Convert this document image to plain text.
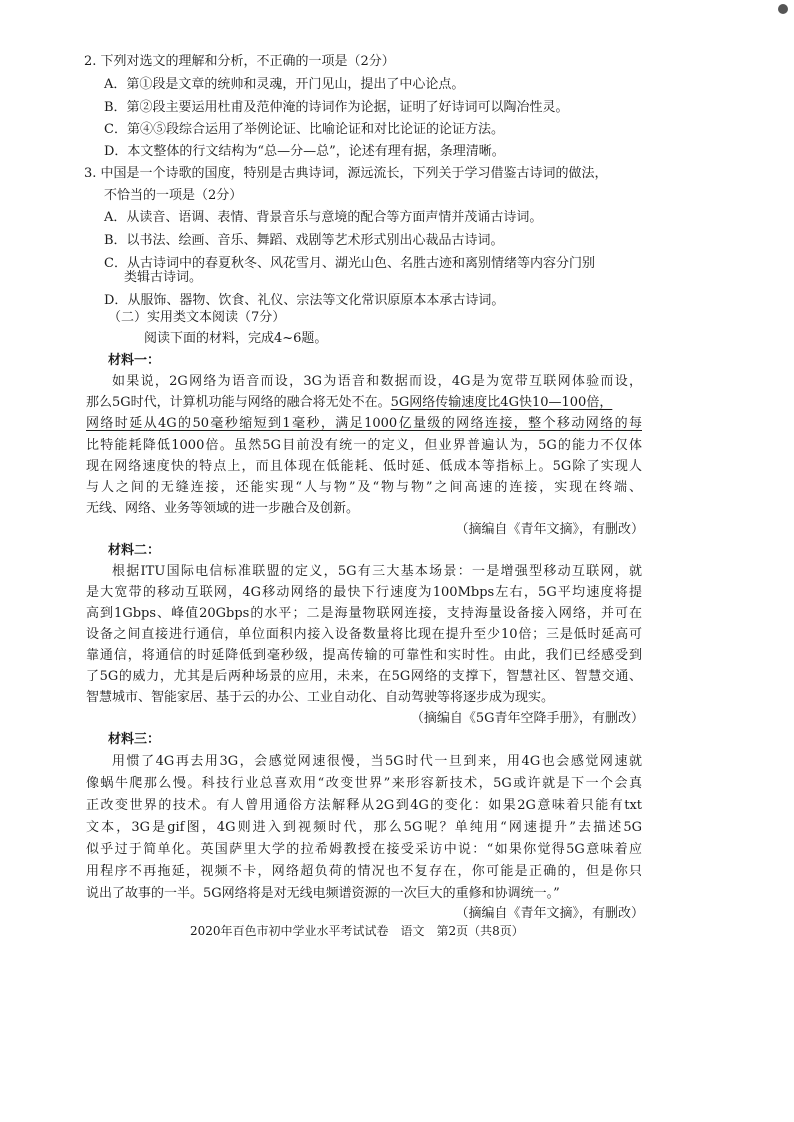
2. 下列对选文的理解和分析，不正确的一项是（2分）
A．第①段是文章的统帅和灵魂，开门见山，提出了中心论点。
B．第②段主要运用杜甫及范仲淹的诗词作为论据，证明了好诗词可以陶冶性灵。
C．第④⑤段综合运用了举例论证、比喻论证和对比论证的论证方法。
D．本文整体的行文结构为“总—分—总”，论述有理有据，条理清晰。
3. 中国是一个诗歌的国度，特别是古典诗词，源远流长，下列关于学习借鉴古诗词的做法，
不恰当的一项是（2分）
A．从读音、语调、表情、背景音乐与意境的配合等方面声情并茂诵古诗词。
B．以书法、绘画、音乐、舞蹈、戏剧等艺术形式别出心裁品古诗词。
C．从古诗词中的春夏秋冬、风花雪月、湖光山色、名胜古迹和离别情绪等内容分门别
类辑古诗词。
D．从服饰、器物、饮食、礼仪、宗法等文化常识原原本本承古诗词。
（二）实用类文本阅读（7分）
阅读下面的材料，完成4~6题。
材料一：
如果说，2G网络为语音而设，3G为语音和数据而设，4G是为宽带互联网体验而设，
那么5G时代，计算机功能与网络的融合将无处不在。5G网络传输速度比4G快10—100倍，
网络时延从4G的50毫秒缩短到1毫秒，满足1000亿量级的网络连接，整个移动网络的每
比特能耗降低1000倍。虽然5G目前没有统一的定义，但业界普遍认为，5G的能力不仅体
现在网络速度快的特点上，而且体现在低能耗、低时延、低成本等指标上。5G除了实现人
与人之间的无缝连接，还能实现“人与物”及“物与物”之间高速的连接，实现在终端、
无线、网络、业务等领域的进一步融合及创新。
（摘编自《青年文摘》，有删改）
材料二：
根据ITU国际电信标准联盟的定义，5G有三大基本场景：一是增强型移动互联网，就
是大宽带的移动互联网，4G移动网络的最快下行速度为100Mbps左右，5G平均速度将提
高到1Gbps、峰值20Gbps的水平；二是海量物联网连接，支持海量设备接入网络，并可在
设备之间直接进行通信，单位面积内接入设备数量将比现在提升至少10倍；三是低时延高可
靠通信，将通信的时延降低到毫秒级，提高传输的可靠性和实时性。由此，我们已经感受到
了5G的威力，尤其是后两种场景的应用，未来，在5G网络的支撑下，智慧社区、智慧交通、
智慧城市、智能家居、基于云的办公、工业自动化、自动驾驶等将逐步成为现实。
（摘编自《5G青年空降手册》，有删改）
材料三：
用惯了4G再去用3G，会感觉网速很慢，当5G时代一旦到来，用4G也会感觉网速就
像蜗牛爬那么慢。科技行业总喜欢用“改变世界”来形容新技术，5G或许就是下一个会真
正改变世界的技术。有人曾用通俗方法解释从2G到4G的变化：如果2G意味着只能有txt
文本，3G是gif图，4G则进入到视频时代，那么5G呢？单纯用“网速提升”去描述5G
似乎过于简单化。英国萨里大学的拉希姆教授在接受采访中说：“如果你觉得5G意味着应
用程序不再拖延，视频不卡，网络超负荷的情况也不复存在，你可能是正确的，但是你只
说出了故事的一半。5G网络将是对无线电频谱资源的一次巨大的重修和协调统一。”
（摘编自《青年文摘》，有删改）
2020年百色市初中学业水平考试试卷　语文　第2页（共8页）
